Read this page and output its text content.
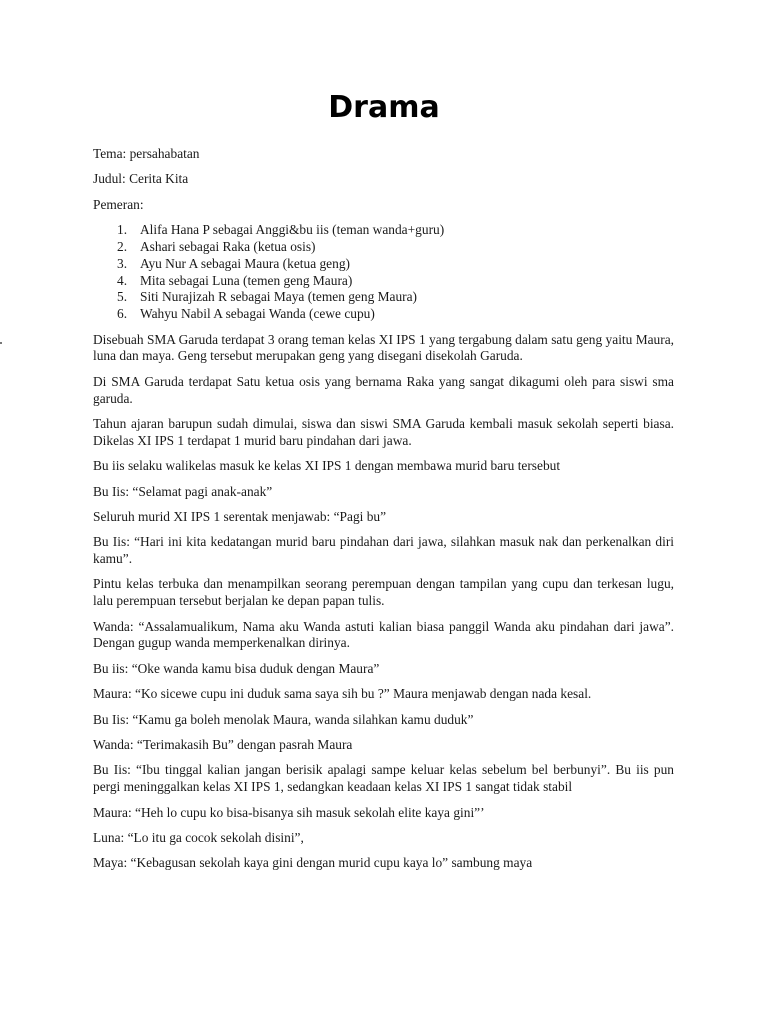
Drama

Tema: persahabatan

Judul: Cerita Kita

Pemeran:

1. Alifa Hana P sebagai Anggi&bu iis (teman wanda+guru)
2. Ashari sebagai Raka (ketua osis)
3. Ayu Nur A sebagai Maura (ketua geng)
4. Mita sebagai Luna (temen geng Maura)
5. Siti Nurajizah R sebagai Maya (temen geng Maura)
6. Wahyu Nabil A sebagai Wanda (cewe cupu)

Disebuah SMA Garuda terdapat 3 orang teman kelas XI IPS 1 yang tergabung dalam satu geng yaitu Maura, luna dan maya. Geng tersebut merupakan geng yang disegani disekolah Garuda.

Di SMA Garuda terdapat Satu ketua osis yang bernama Raka yang sangat dikagumi oleh para siswi sma garuda.

Tahun ajaran barupun sudah dimulai, siswa dan siswi SMA Garuda kembali masuk sekolah seperti biasa. Dikelas XI IPS 1 terdapat 1 murid baru pindahan dari jawa.

Bu iis selaku walikelas masuk ke kelas XI IPS 1 dengan membawa murid baru tersebut

Bu Iis: “Selamat pagi anak-anak”

Seluruh murid XI IPS 1 serentak menjawab: “Pagi bu”

Bu Iis: “Hari ini kita kedatangan murid baru pindahan dari jawa, silahkan masuk nak dan perkenalkan diri kamu”.

Pintu kelas terbuka dan menampilkan seorang perempuan dengan tampilan yang cupu dan terkesan lugu, lalu perempuan tersebut berjalan ke depan papan tulis.

Wanda: “Assalamualikum, Nama aku Wanda astuti kalian biasa panggil Wanda aku pindahan dari jawa”. Dengan gugup wanda memperkenalkan dirinya.

Bu iis: “Oke wanda kamu bisa duduk dengan Maura”

Maura: “Ko sicewe cupu ini duduk sama saya sih bu ?” Maura menjawab dengan nada kesal.

Bu Iis: “Kamu ga boleh menolak Maura, wanda silahkan kamu duduk”

Wanda: “Terimakasih Bu” dengan pasrah Maura

Bu Iis: “Ibu tinggal kalian jangan berisik apalagi sampe keluar kelas sebelum bel berbunyi”. Bu iis pun pergi meninggalkan kelas XI IPS 1, sedangkan keadaan kelas XI IPS 1 sangat tidak stabil

Maura: “Heh lo cupu ko bisa-bisanya sih masuk sekolah elite kaya gini”’

Luna: “Lo itu ga cocok sekolah disini”,

Maya: “Kebagusan sekolah kaya gini dengan murid cupu kaya lo” sambung maya
